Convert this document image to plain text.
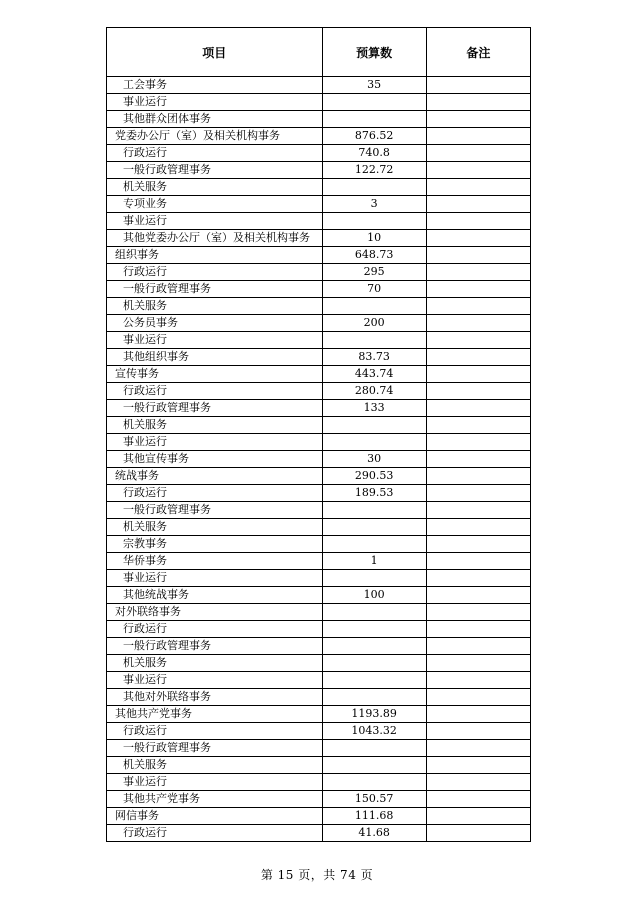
项目	预算数	备注
工会事务	35	
事业运行		
其他群众团体事务		
党委办公厅（室）及相关机构事务	876.52	
行政运行	740.8	
一般行政管理事务	122.72	
机关服务		
专项业务	3	
事业运行		
其他党委办公厅（室）及相关机构事务	10	
组织事务	648.73	
行政运行	295	
一般行政管理事务	70	
机关服务		
公务员事务	200	
事业运行		
其他组织事务	83.73	
宣传事务	443.74	
行政运行	280.74	
一般行政管理事务	133	
机关服务		
事业运行		
其他宣传事务	30	
统战事务	290.53	
行政运行	189.53	
一般行政管理事务		
机关服务		
宗教事务		
华侨事务	1	
事业运行		
其他统战事务	100	
对外联络事务		
行政运行		
一般行政管理事务		
机关服务		
事业运行		
其他对外联络事务		
其他共产党事务	1193.89	
行政运行	1043.32	
一般行政管理事务		
机关服务		
事业运行		
其他共产党事务	150.57	
网信事务	111.68	
行政运行	41.68	
第 15 页，共 74 页
